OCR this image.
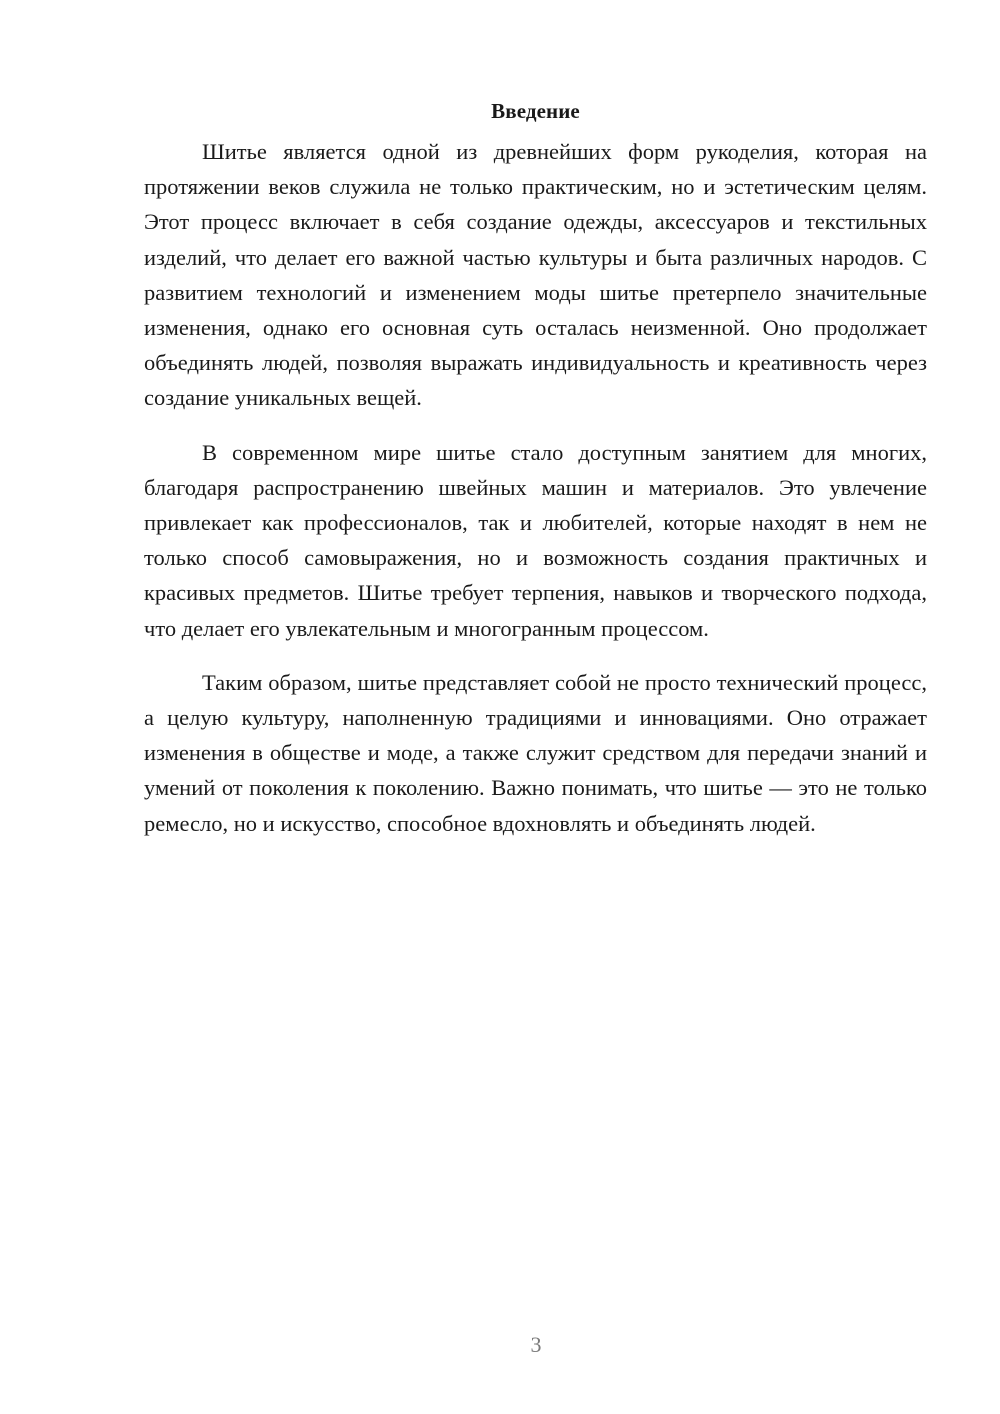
Введение

Шитье является одной из древнейших форм рукоделия, которая на протяжении веков служила не только практическим, но и эстетическим целям. Этот процесс включает в себя создание одежды, аксессуаров и текстильных изделий, что делает его важной частью культуры и быта различных народов. С развитием технологий и изменением моды шитье претерпело значительные изменения, однако его основная суть осталась неизменной. Оно продолжает объединять людей, позволяя выражать индивидуальность и креативность через создание уникальных вещей.

В современном мире шитье стало доступным занятием для многих, благодаря распространению швейных машин и материалов. Это увлечение привлекает как профессионалов, так и любителей, которые находят в нем не только способ самовыражения, но и возможность создания практичных и красивых предметов. Шитье требует терпения, навыков и творческого подхода, что делает его увлекательным и многогранным процессом.

Таким образом, шитье представляет собой не просто технический процесс, а целую культуру, наполненную традициями и инновациями. Оно отражает изменения в обществе и моде, а также служит средством для передачи знаний и умений от поколения к поколению. Важно понимать, что шитье — это не только ремесло, но и искусство, способное вдохновлять и объединять людей.

3
